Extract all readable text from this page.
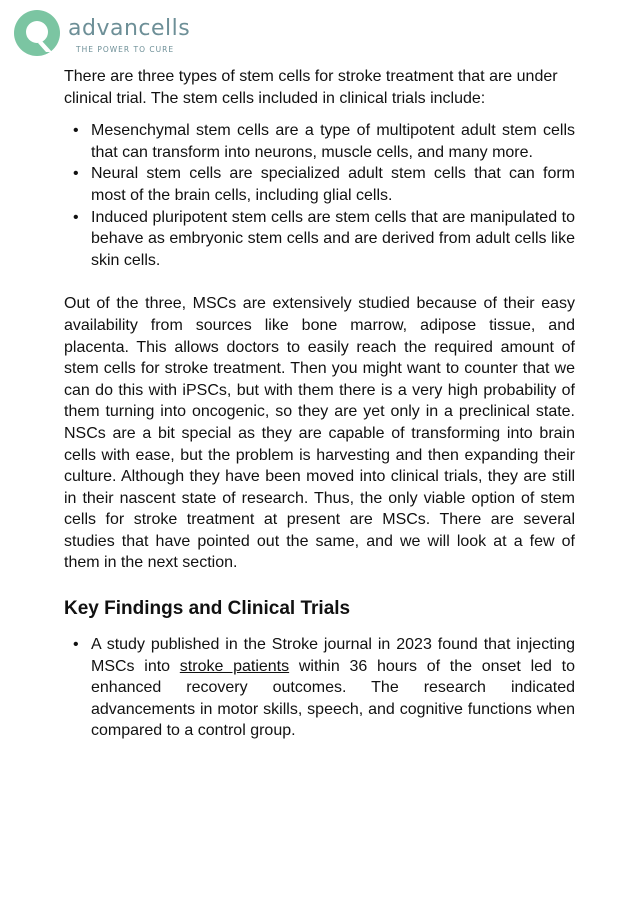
advancells
THE POWER TO CURE

There are three types of stem cells for stroke treatment that are under clinical trial. The stem cells included in clinical trials include:

• Mesenchymal stem cells are a type of multipotent adult stem cells that can transform into neurons, muscle cells, and many more.
• Neural stem cells are specialized adult stem cells that can form most of the brain cells, including glial cells.
• Induced pluripotent stem cells are stem cells that are manipulated to behave as embryonic stem cells and are derived from adult cells like skin cells.

Out of the three, MSCs are extensively studied because of their easy availability from sources like bone marrow, adipose tissue, and placenta. This allows doctors to easily reach the required amount of stem cells for stroke treatment. Then you might want to counter that we can do this with iPSCs, but with them there is a very high probability of them turning into oncogenic, so they are yet only in a preclinical state. NSCs are a bit special as they are capable of transforming into brain cells with ease, but the problem is harvesting and then expanding their culture. Although they have been moved into clinical trials, they are still in their nascent state of research. Thus, the only viable option of stem cells for stroke treatment at present are MSCs. There are several studies that have pointed out the same, and we will look at a few of them in the next section.

Key Findings and Clinical Trials
• A study published in the Stroke journal in 2023 found that injecting MSCs into stroke patients within 36 hours of the onset led to enhanced recovery outcomes. The research indicated advancements in motor skills, speech, and cognitive functions when compared to a control group.
